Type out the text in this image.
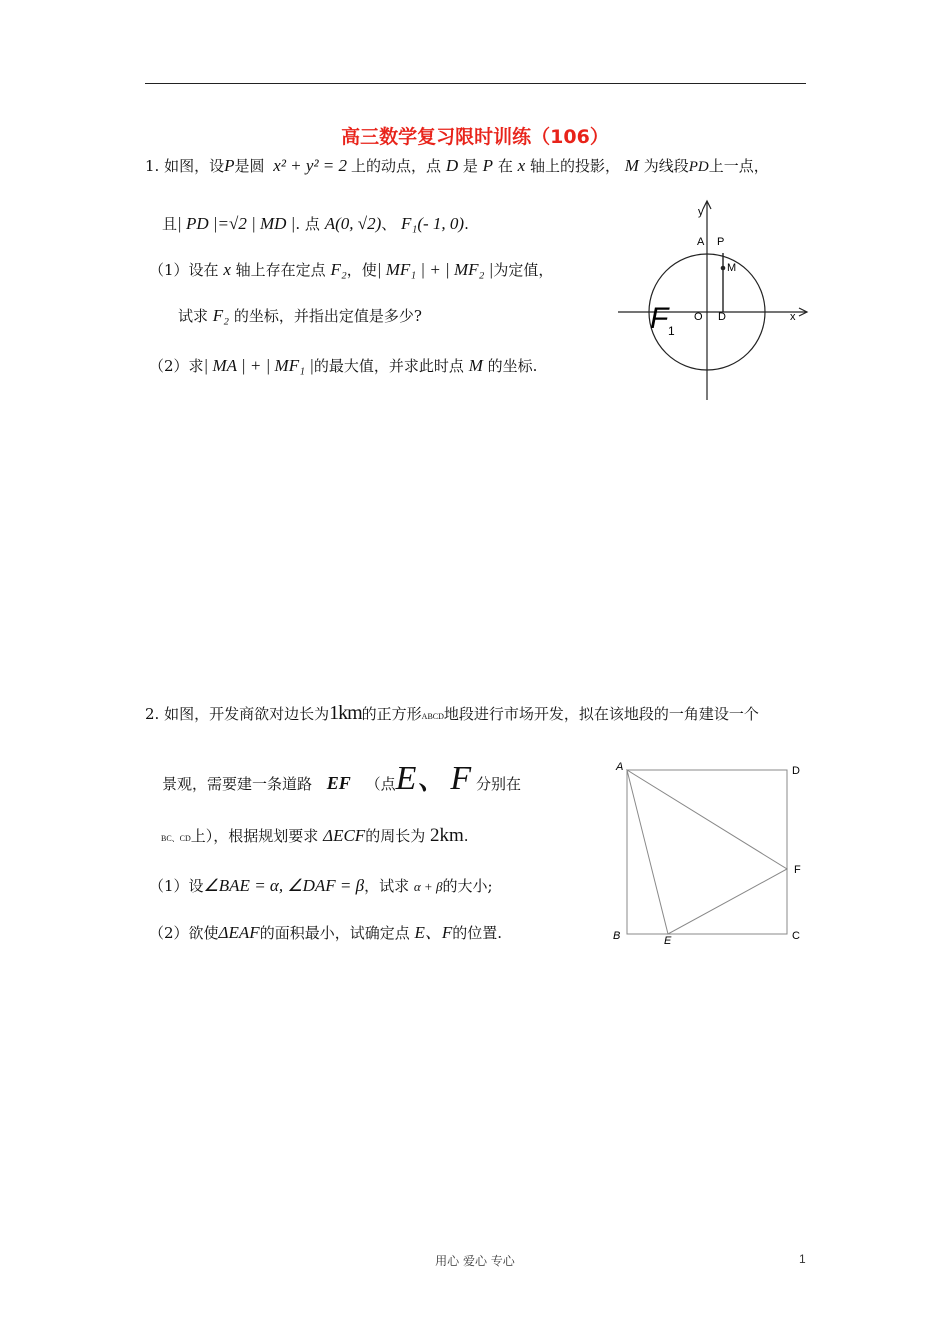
高三数学复习限时训练（106）
1. 如图，设P是圆 x² + y² = 2 上的动点，点 D 是 P 在 x 轴上的投影， M 为线段PD上一点，
且| PD |=√2 | MD |. 点 A(0, √2)、 F₁(- 1, 0).
（1）设在 x 轴上存在定点 F₂，使| MF₁ | + | MF₂ |为定值，
试求 F₂ 的坐标，并指出定值是多少?
（2）求| MA | + | MF₁ |的最大值，并求此时点 M 的坐标.
y
A P
M
O D	x
F 1
2. 如图，开发商欲对边长为1km的正方形ABCD地段进行市场开发，拟在该地段的一角建设一个
景观，需要建一条道路 EF （点E、F 分别在
BC、CD上），根据规划要求 ΔECF的周长为 2km.
（1）设∠BAE = α, ∠DAF = β，试求 α + β的大小;
（2）欲使ΔEAF的面积最小，试确定点 E、F的位置.
A	D
F
B	E	C
用心 爱心 专心	1
